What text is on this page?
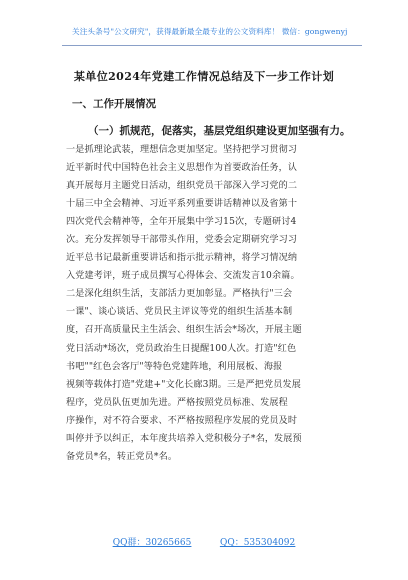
关注头条号"公文研究"，获得最新最全最专业的公文资料库！ 微信：gongwenyj
某单位2024年党建工作情况总结及下一步工作计划
一、工作开展情况
（一）抓规范，促落实，基层党组织建设更加坚强有力。
一是抓理论武装，理想信念更加坚定。坚持把学习贯彻习
近平新时代中国特色社会主义思想作为首要政治任务，认
真开展每月主题党日活动，组织党员干部深入学习党的二
十届三中全会精神、习近平系列重要讲话精神以及省第十
四次党代会精神等，全年开展集中学习15次，专题研讨4
次。充分发挥领导干部带头作用，党委会定期研究学习习
近平总书记最新重要讲话和指示批示精神，将学习情况纳
入党建考评，班子成员撰写心得体会、交流发言10余篇。
二是深化组织生活，支部活力更加彰显。严格执行"三会
一课"、谈心谈话、党员民主评议等党的组织生活基本制
度，召开高质量民主生活会、组织生活会*场次，开展主题
党日活动*场次，党员政治生日提醒100人次。打造"红色
书吧""红色会客厅"等特色党建阵地，利用展板、海报
视频等载体打造"党建+"文化长廊3期。三是严把党员发展
程序，党员队伍更加先进。严格按照党员标准、发展程
序操作，对不符合要求、不严格按照程序发展的党员及时
叫停并予以纠正，本年度共培养入党积极分子*名，发展预
备党员*名，转正党员*名。
QQ群：30265665	QQ：535304092
